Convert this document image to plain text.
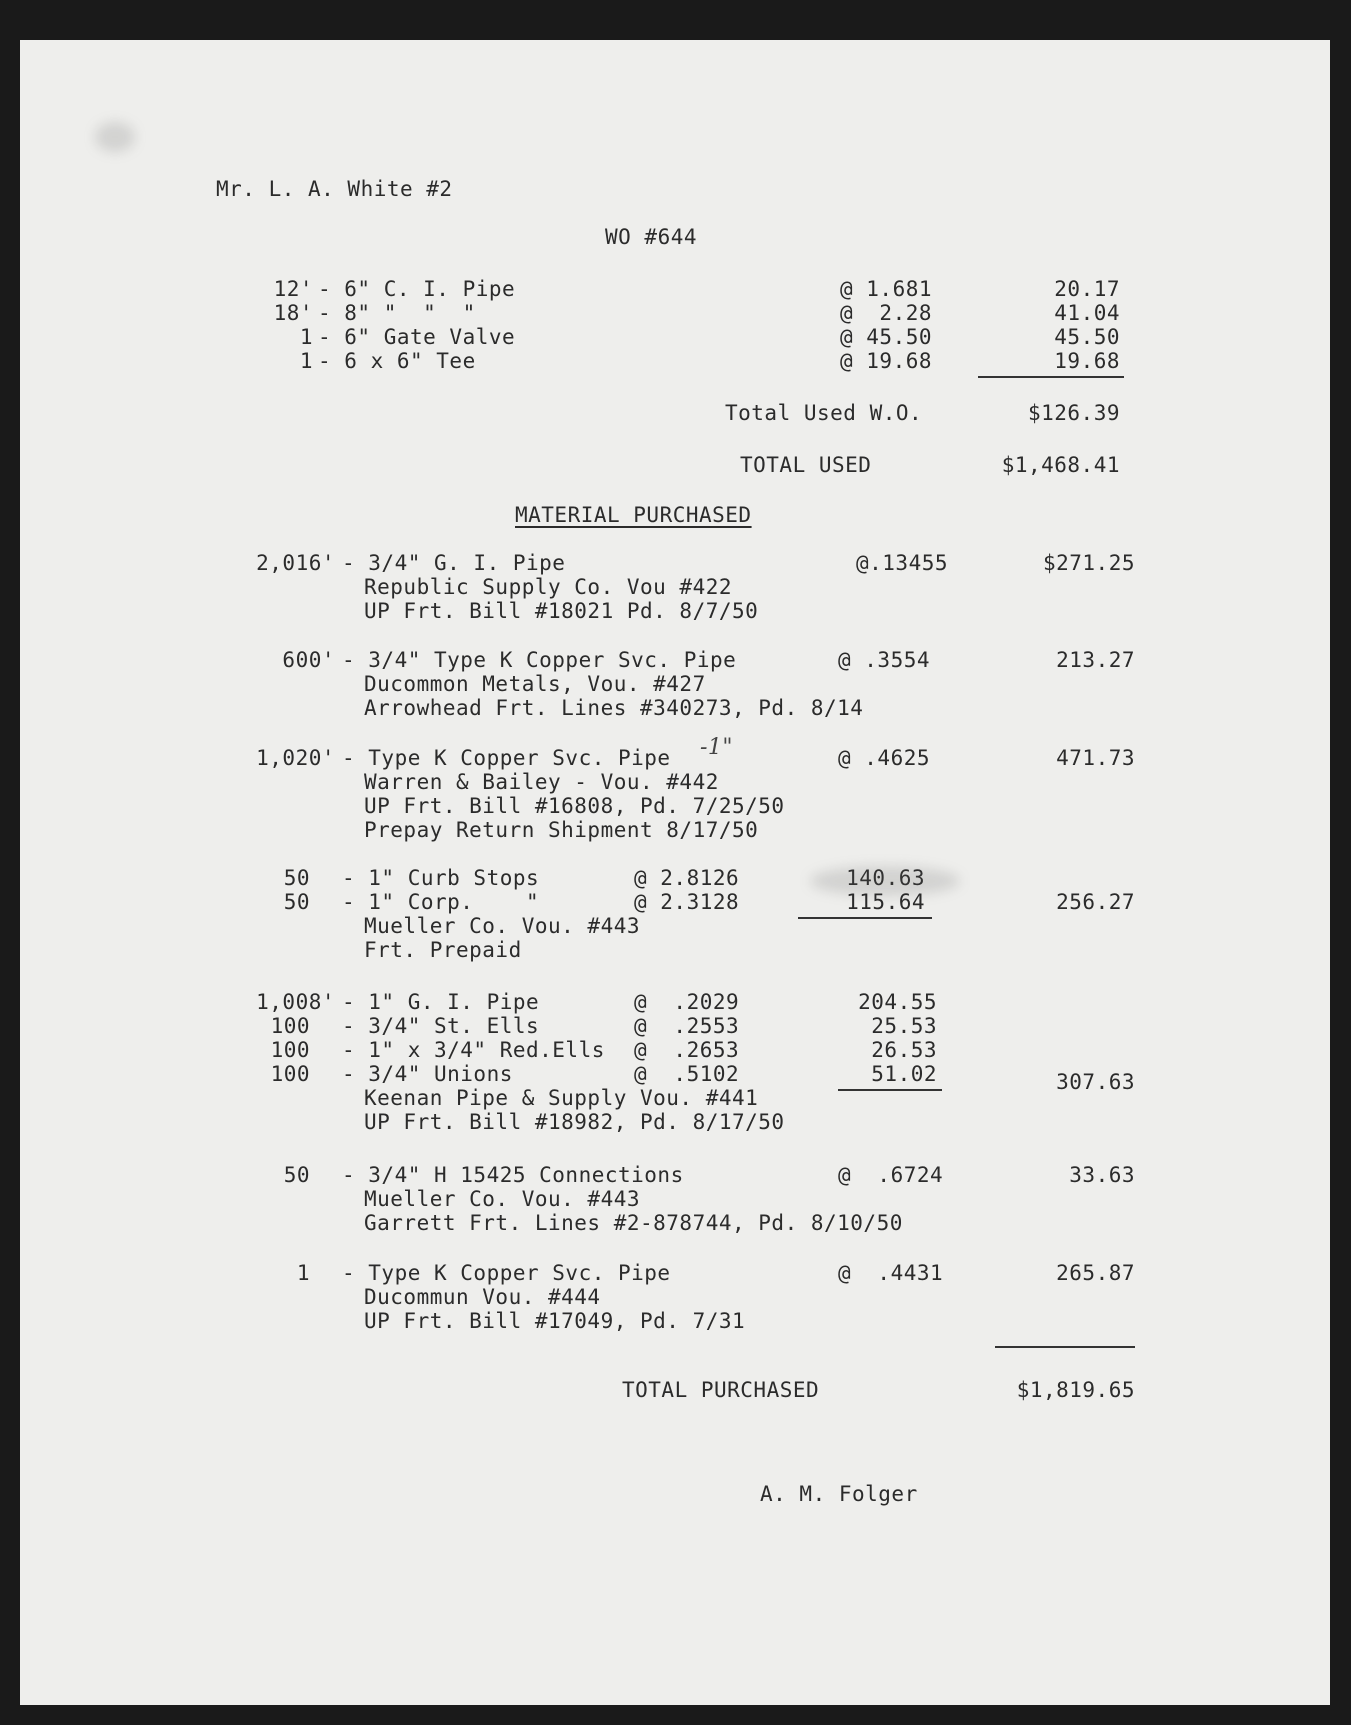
Mr. L. A. White #2
WO #644
12' - 6" C. I. Pipe	@ 1.681	20.17
18' - 8" "  "  "	@  2.28	41.04
1 - 6" Gate Valve	@ 45.50	45.50
1 - 6 x 6" Tee	@ 19.68	19.68
Total Used W.O.	$126.39
TOTAL USED	$1,468.41
MATERIAL PURCHASED
2,016' - 3/4" G. I. Pipe	@.13455	$271.25
Republic Supply Co. Vou #422
UP Frt. Bill #18021 Pd. 8/7/50
600' - 3/4" Type K Copper Svc. Pipe	@ .3554	213.27
Ducommon Metals, Vou. #427
Arrowhead Frt. Lines #340273, Pd. 8/14
1,020' - Type K Copper Svc. Pipe -1"	@ .4625	471.73
Warren & Bailey - Vou. #442
UP Frt. Bill #16808, Pd. 7/25/50
Prepay Return Shipment 8/17/50
50 - 1" Curb Stops	@ 2.8126	140.63
50 - 1" Corp.    "	@ 2.3128	115.64	256.27
Mueller Co. Vou. #443
Frt. Prepaid
1,008' - 1" G. I. Pipe	@  .2029	204.55
100 - 3/4" St. Ells	@  .2553	25.53
100 - 1" x 3/4" Red.Ells @  .2653	26.53
100 - 3/4" Unions	@  .5102	51.02	307.63
Keenan Pipe & Supply Vou. #441
UP Frt. Bill #18982, Pd. 8/17/50
50 - 3/4" H 15425 Connections	@  .6724	33.63
Mueller Co. Vou. #443
Garrett Frt. Lines #2-878744, Pd. 8/10/50
1 - Type K Copper Svc. Pipe	@  .4431	265.87
Ducommun Vou. #444
UP Frt. Bill #17049, Pd. 7/31
TOTAL PURCHASED	$1,819.65
A. M. Folger
